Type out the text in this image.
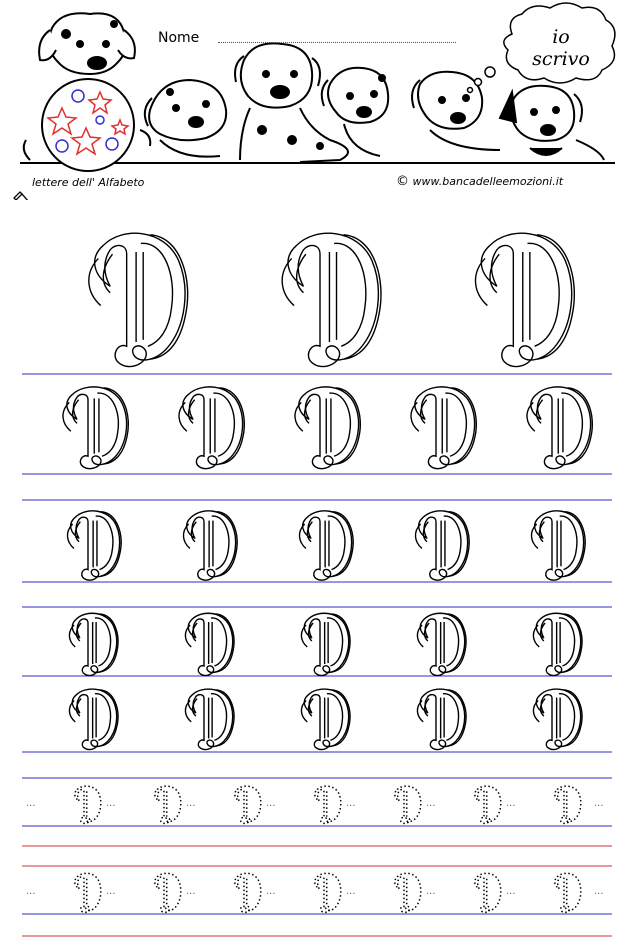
Nome	io
scrivo
lettere dell' Alfabeto	© www.bancadelleemozioni.it
...	...	...	...	...	...	...	...
...	...	...	...	...	...	...	...
